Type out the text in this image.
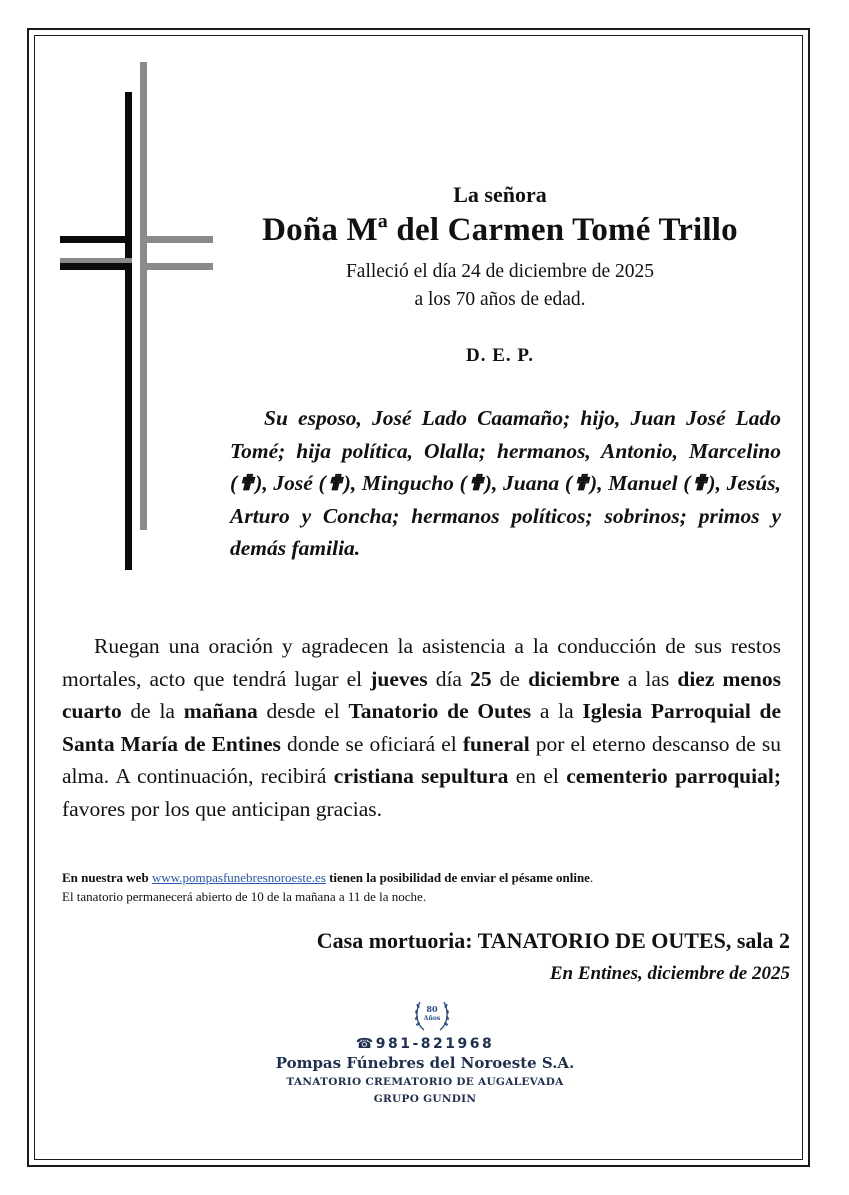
La señora
Doña Mª del Carmen Tomé Trillo
Falleció el día 24 de diciembre de 2025
a los 70 años de edad.
D. E. P.
Su esposo, José Lado Caamaño; hijo, Juan José Lado Tomé; hija política, Olalla; hermanos, Antonio, Marcelino (✟), José (✟), Mingucho (✟), Juana (✟), Manuel (✟), Jesús, Arturo y Concha; hermanos políticos; sobrinos; primos y demás familia.
Ruegan una oración y agradecen la asistencia a la conducción de sus restos mortales, acto que tendrá lugar el jueves día 25 de diciembre a las diez menos cuarto de la mañana desde el Tanatorio de Outes a la Iglesia Parroquial de Santa María de Entines donde se oficiará el funeral por el eterno descanso de su alma. A continuación, recibirá cristiana sepultura en el cementerio parroquial; favores por los que anticipan gracias.
En nuestra web www.pompasfunebresnoroeste.es tienen la posibilidad de enviar el pésame online.
El tanatorio permanecerá abierto de 10 de la mañana a 11 de la noche.
Casa mortuoria: TANATORIO DE OUTES, sala 2
En Entines, diciembre de 2025
80
Años
☎981-821968
Pompas Fúnebres del Noroeste S.A.
TANATORIO CREMATORIO DE AUGALEVADA
GRUPO GUNDIN
